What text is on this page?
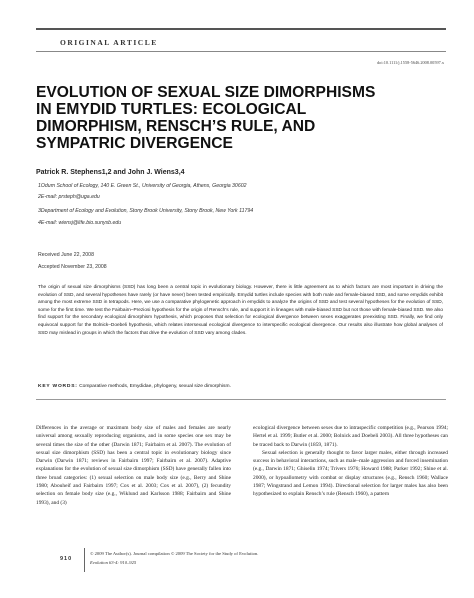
ORIGINAL ARTICLE
doi:10.1111/j.1558-5646.2008.00597.x
EVOLUTION OF SEXUAL SIZE DIMORPHISMS
IN EMYDID TURTLES: ECOLOGICAL
DIMORPHISM, RENSCH’S RULE, AND
SYMPATRIC DIVERGENCE
Patrick R. Stephens1,2 and John J. Wiens3,4
1Odum School of Ecology, 140 E. Green St., University of Georgia, Athens, Georgia 30602
2E-mail: prsteph@uga.edu
3Department of Ecology and Evolution, Stony Brook University, Stony Brook, New York 11794
4E-mail: wiensj@life.bio.sunysb.edu
Received June 22, 2008
Accepted November 23, 2008

The origin of sexual size dimorphisms (SSD) has long been a central topic in evolutionary biology. However, there is little agreement as to which factors are most important in driving the evolution of SSD, and several hypotheses have rarely (or have never) been tested empirically. Emydid turtles include species with both male and female-biased SSD, and some emydids exhibit among the most extreme SSD in tetrapods. Here, we use a comparative phylogenetic approach in emydids to analyze the origins of SSD and test several hypotheses for the evolution of SSD, some for the first time. We test the Fairbairn–Preziosi hypothesis for the origin of Rensch’s rule, and support it in lineages with male-biased SSD but not those with female-biased SSD. We also find support for the secondary ecological dimorphism hypothesis, which proposes that selection for ecological divergence between sexes exaggerates preexisting SSD. Finally, we find only equivocal support for the Bolnick–Doebeli hypothesis, which relates intersexual ecological divergence to interspecific ecological divergence. Our results also illustrate how global analyses of SSD may mislead in groups in which the factors that drive the evolution of SSD vary among clades.

KEY WORDS: Comparative methods, Emydidae, phylogeny, sexual size dimorphism.

Differences in the average or maximum body size of males and females are nearly universal among sexually reproducing organisms, and in some species one sex may be several times the size of the other (Darwin 1871; Fairbairn et al. 2007). The evolution of sexual size dimorphism (SSD) has been a central topic in evolutionary biology since Darwin (Darwin 1871; reviews in Fairbairn 1997; Fairbairn et al. 2007). Adaptive explanations for the evolution of sexual size dimorphism (SSD) have generally fallen into three broad categories: (1) sexual selection on male body size (e.g., Berry and Shine 1980; Abouheif and Fairbairn 1997; Cox et al. 2003; Cox et al. 2007), (2) fecundity selection on female body size (e.g., Wiklund and Karlsson 1988; Fairbairn and Shine 1993), and (3)

ecological divergence between sexes due to intraspecific competition (e.g., Pearson 1994; Hertel et al. 1999; Butler et al. 2000; Bolnick and Doebeli 2003). All three hypotheses can be traced back to Darwin (1859, 1871).

Sexual selection is generally thought to favor larger males, either through increased success in behavioral interactions, such as male–male aggression and forced insemination (e.g., Darwin 1871; Ghiselin 1974; Trivers 1976; Howard 1988; Parker 1992; Shine et al. 2000), or hypoallometry with combat or display structures (e.g., Rensch 1960; Wallace 1987; Wingstrand and Lemon 1994). Directional selection for larger males has also been hypothesized to explain Rensch’s rule (Rensch 1960), a pattern

910
© 2009 The Author(s). Journal compilation © 2009 The Society for the Study of Evolution.
Evolution 63-4: 910–925
